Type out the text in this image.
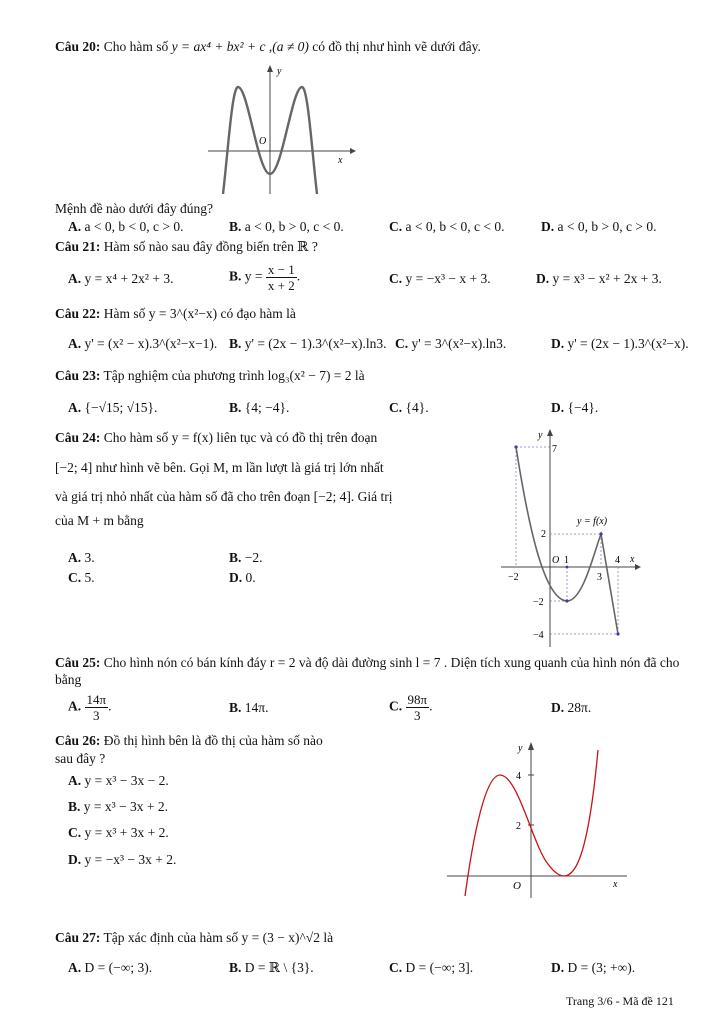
Câu 20: Cho hàm số y = ax⁴ + bx² + c ,(a ≠ 0) có đồ thị như hình vẽ dưới đây.
y
x
O
Mệnh đề nào dưới đây đúng?
A. a < 0, b < 0, c > 0.	B. a < 0, b > 0, c < 0.	C. a < 0, b < 0, c < 0.	D. a < 0, b > 0, c > 0.
Câu 21: Hàm số nào sau đây đồng biến trên ℝ ?
A. y = x⁴ + 2x² + 3.	B. $y = \frac{x - 1}{x + 2}$ .	C. y = −x³ − x + 3.	D. y = x³ − x² + 2x + 3.
Câu 22: Hàm số y = 3^(x²−x) có đạo hàm là
A. y' = (x² − x).3^(x²−x−1). B. y' = (2x − 1).3^(x²−x).ln3. C. y' = 3^(x²−x).ln3.	D. y' = (2x − 1).3^(x²−x).
Câu 23: Tập nghiệm của phương trình log₃(x² − 7) = 2 là
A. {−√15; √15}.	B. {4; −4}.	C. {4}.	D. {−4}.
Câu 24: Cho hàm số y = f(x) liên tục và có đồ thị trên đoạn
[−2; 4] như hình vẽ bên. Gọi M, m lần lượt là giá trị lớn nhất
và giá trị nhỏ nhất của hàm số đã cho trên đoạn [−2; 4]. Giá trị
của M + m bằng
A. 3.	B. −2.
C. 5.	D. 0.
y
x
y = f(x)
7
2
−2
−4
O 1	4
−2	3
Câu 25: Cho hình nón có bán kính đáy r = 2 và độ dài đường sinh l = 7 . Diện tích xung quanh của hình nón đã cho bằng
A. $\frac{14\pi}{3}$ .	B. 14π.	C. $\frac{98\pi}{3}$ .	D. 28π.
Câu 26: Đồ thị hình bên là đồ thị của hàm số nào
sau đây ?
A. y = x³ − 3x − 2.
B. y = x³ − 3x + 2.
C. y = x³ + 3x + 2.
D. y = −x³ − 3x + 2.
y
x
O
4
2
Câu 27: Tập xác định của hàm số y = (3 − x)^√2 là
A. D = (−∞; 3).	B. D = ℝ \ {3}.	C. D = (−∞; 3].	D. D = (3; +∞).
Trang 3/6 - Mã đề 121
